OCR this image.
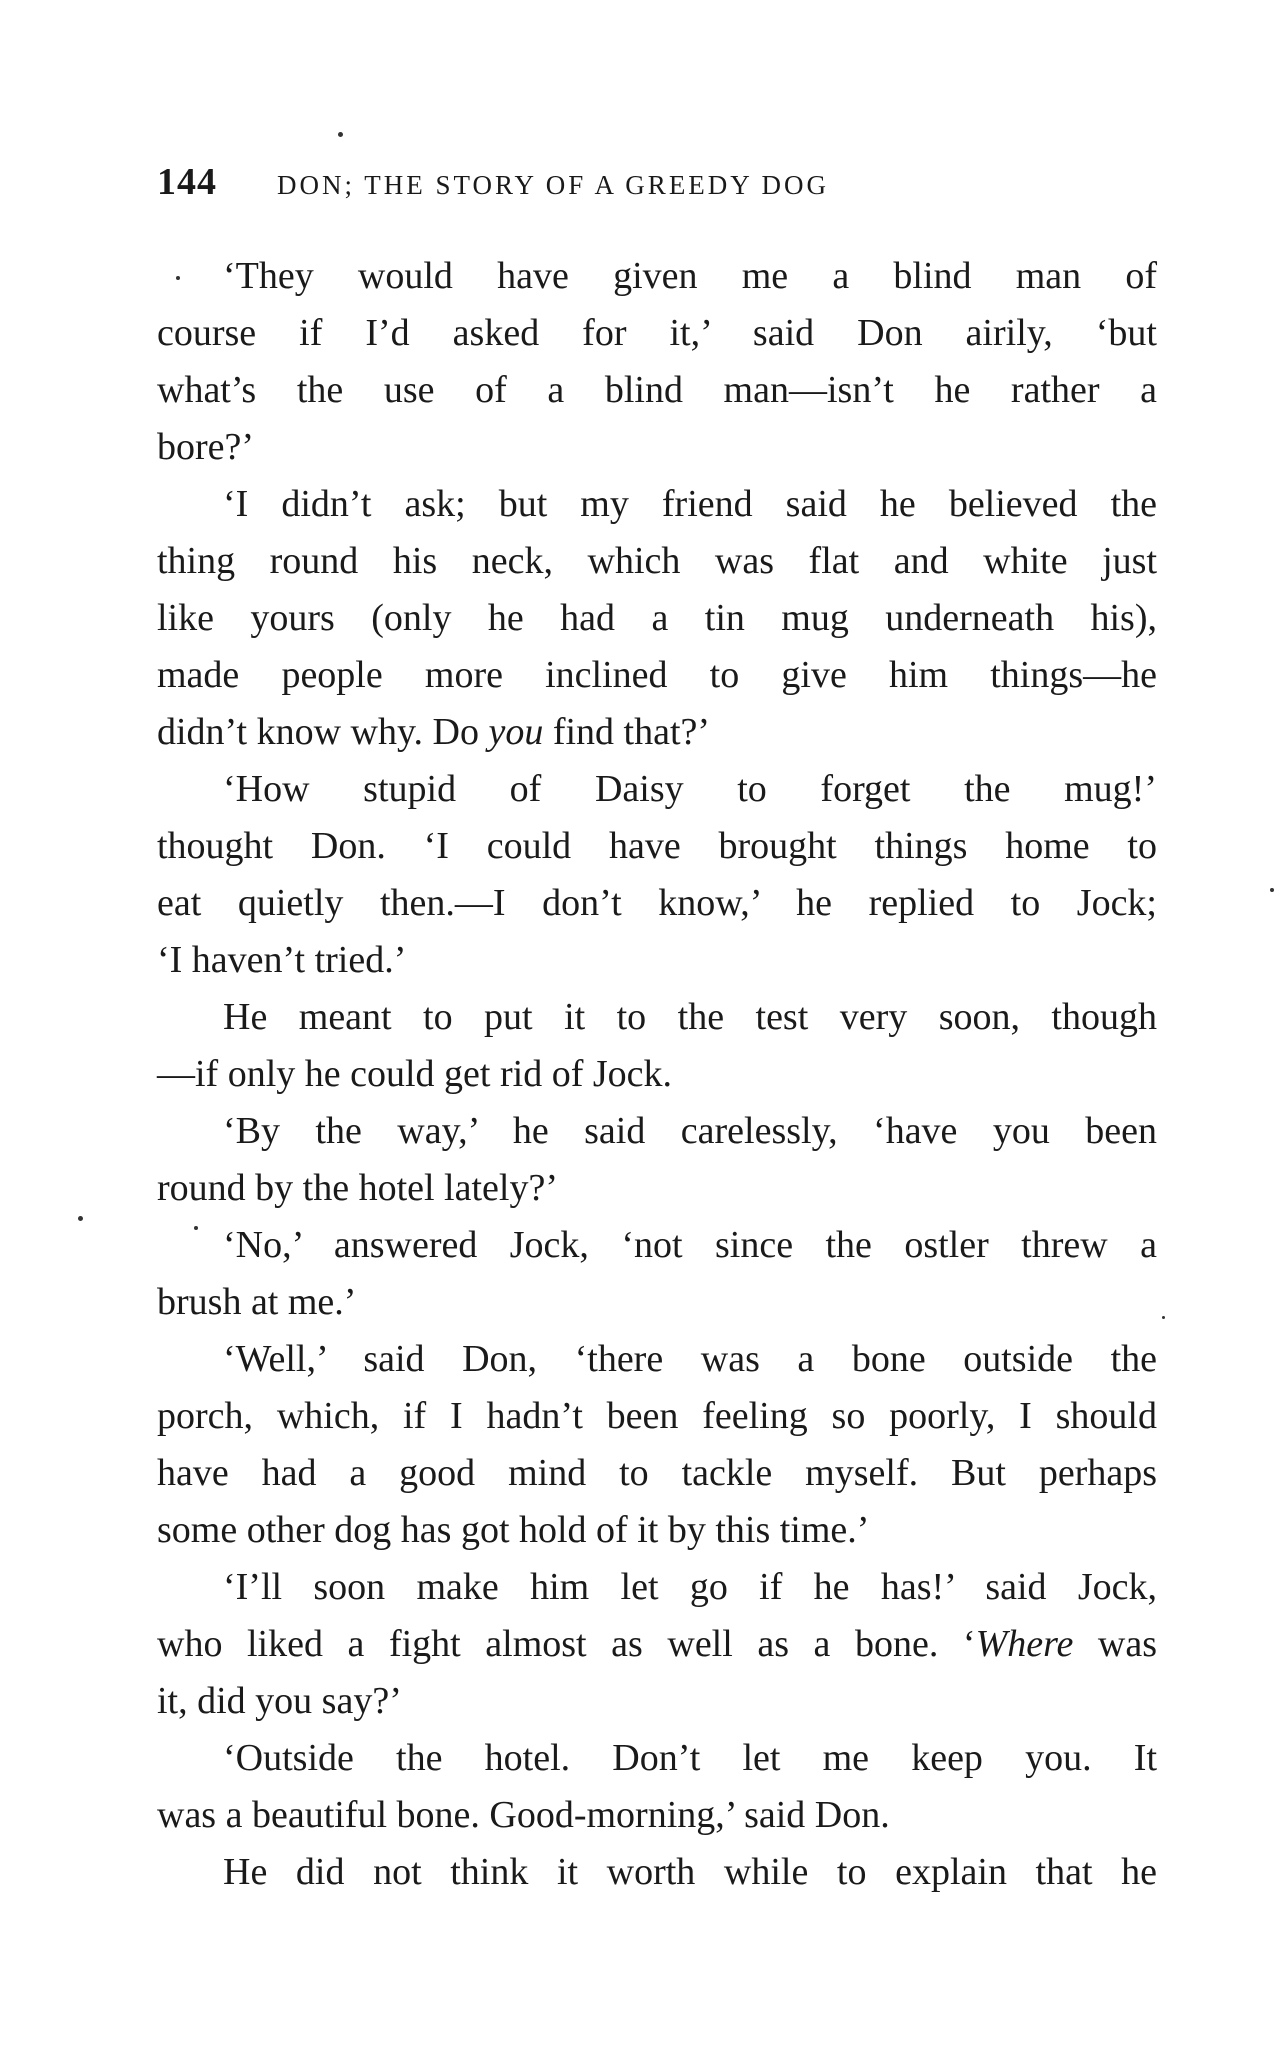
144 DON; THE STORY OF A GREEDY DOG
‘They would have given me a blind man of
course if I’d asked for it,’ said Don airily, ‘but
what’s the use of a blind man—isn’t he rather a
bore?’
‘I didn’t ask; but my friend said he believed the
thing round his neck, which was flat and white just
like yours (only he had a tin mug underneath his),
made people more inclined to give him things—he
didn’t know why. Do you find that?’
‘How stupid of Daisy to forget the mug!’
thought Don. ‘I could have brought things home to
eat quietly then.—I don’t know,’ he replied to Jock;
‘I haven’t tried.’
He meant to put it to the test very soon, though
—if only he could get rid of Jock.
‘By the way,’ he said carelessly, ‘have you been
round by the hotel lately?’
‘No,’ answered Jock, ‘not since the ostler threw a
brush at me.’
‘Well,’ said Don, ‘there was a bone outside the
porch, which, if I hadn’t been feeling so poorly, I should
have had a good mind to tackle myself. But perhaps
some other dog has got hold of it by this time.’
‘I’ll soon make him let go if he has!’ said Jock,
who liked a fight almost as well as a bone. ‘Where was
it, did you say?’
‘Outside the hotel. Don’t let me keep you. It
was a beautiful bone. Good-morning,’ said Don.
He did not think it worth while to explain that he
